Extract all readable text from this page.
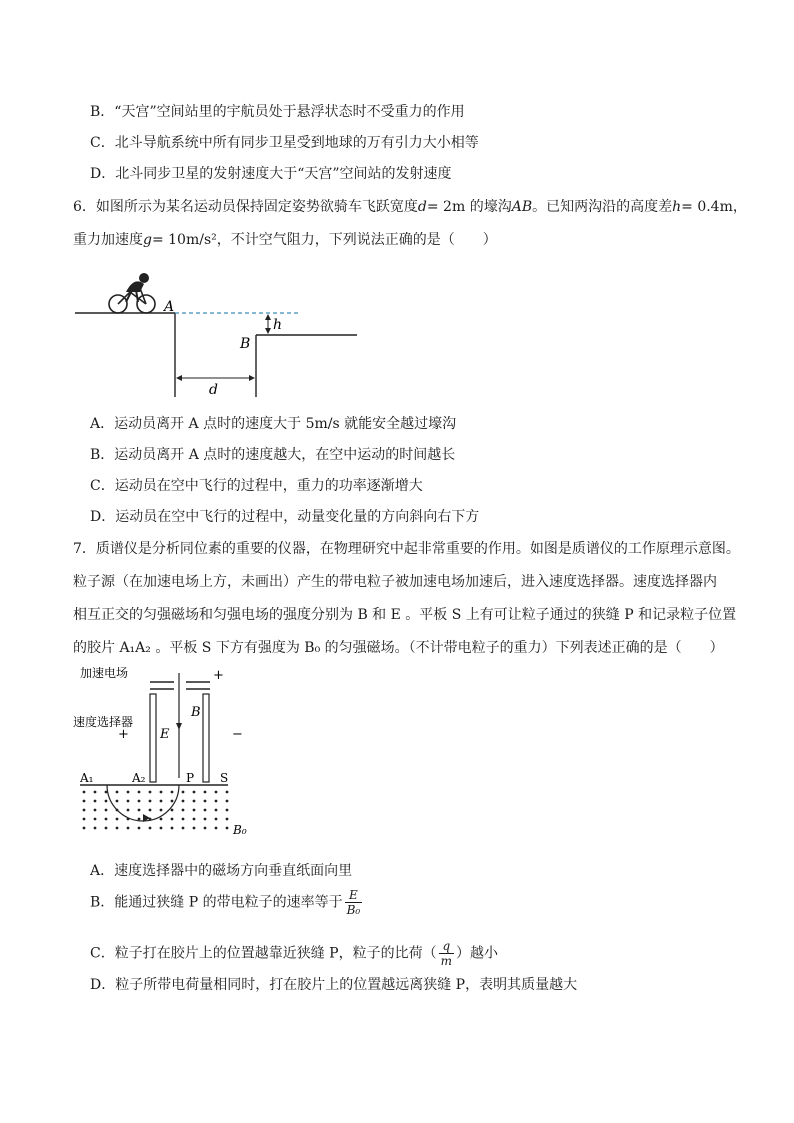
B．“天宫”空间站里的宇航员处于悬浮状态时不受重力的作用
C．北斗导航系统中所有同步卫星受到地球的万有引力大小相等
D．北斗同步卫星的发射速度大于“天宫”空间站的发射速度
6．如图所示为某名运动员保持固定姿势欲骑车飞跃宽度d= 2m 的壕沟AB。已知两沟沿的高度差h= 0.4m，
重力加速度g= 10m/s²，不计空气阻力，下列说法正确的是（　　）
A
B
h
d
A．运动员离开 A 点时的速度大于 5m/s 就能安全越过壕沟
B．运动员离开 A 点时的速度越大，在空中运动的时间越长
C．运动员在空中飞行的过程中，重力的功率逐渐增大
D．运动员在空中飞行的过程中，动量变化量的方向斜向右下方
7．质谱仪是分析同位素的重要的仪器，在物理研究中起非常重要的作用。如图是质谱仪的工作原理示意图。
粒子源（在加速电场上方，未画出）产生的带电粒子被加速电场加速后，进入速度选择器。速度选择器内
相互正交的匀强磁场和匀强电场的强度分别为 B 和 E 。平板 S 上有可让粒子通过的狭缝 P 和记录粒子位置
的胶片 A₁A₂ 。平板 S 下方有强度为 B₀ 的匀强磁场。（不计带电粒子的重力）下列表述正确的是（　　）
加速电场
速度选择器
+
+	−
E
B
A₁	A₂	P S
B₀
A．速度选择器中的磁场方向垂直纸面向里
B．能通过狭缝 P 的带电粒子的速率等于 $\frac{E}{\text{B₀}}$
C．粒子打在胶片上的位置越靠近狭缝 P，粒子的比荷（ $\frac{q}{m}$ ）越小
D．粒子所带电荷量相同时，打在胶片上的位置越远离狭缝 P，表明其质量越大
